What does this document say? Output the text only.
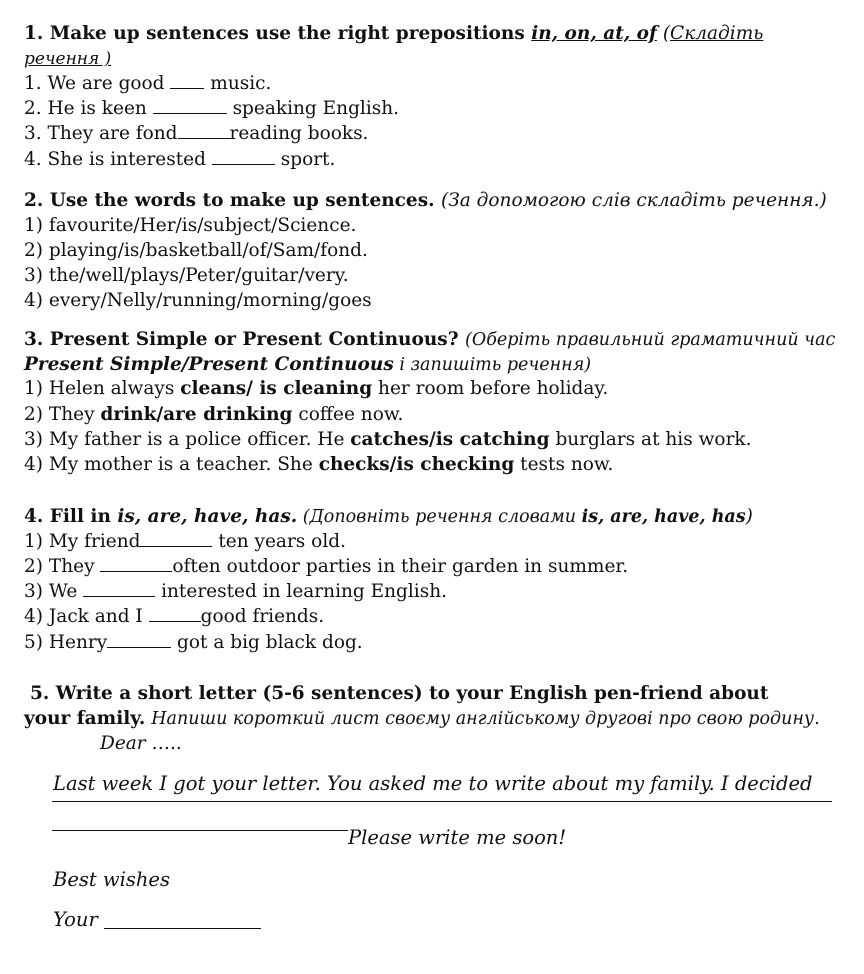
1. Make up sentences use the right prepositions in, on, at, of (Складіть
речення )
1. We are good  music.
2. He is keen	speaking English.
3. They are fond	reading books.
4. She is interested	sport.
2. Use the words to make up sentences. (За допомогою слів складіть речення.)
1) favourite/Her/is/subject/Science.
2) playing/is/basketball/of/Sam/fond.
3) the/well/plays/Peter/guitar/very.
4) every/Nelly/running/morning/goes
3. Present Simple or Present Continuous? (Оберіть правильний граматичний час
Present Simple/Present Continuous і запишіть речення)
1) Helen always cleans/ is cleaning her room before holiday.
2) They drink/are drinking coffee now.
3) My father is a police officer. He catches/is catching burglars at his work.
4) My mother is a teacher. She checks/is checking tests now.
4. Fill in is, are, have, has. (Доповніть речення словами is, are, have, has)
1) My friend	ten years old.
2) They	often outdoor parties in their garden in summer.
3) We	interested in learning English.
4) Jack and I	good friends.
5) Henry	got a big black dog.
5. Write a short letter (5-6 sentences) to your English pen-friend about
your family. Напиши короткий лист своєму англійському другові про свою родину.
Dear …..
Last week I got your letter. You asked me to write about my family. I decided
Please write me soon!
Best wishes
Your
